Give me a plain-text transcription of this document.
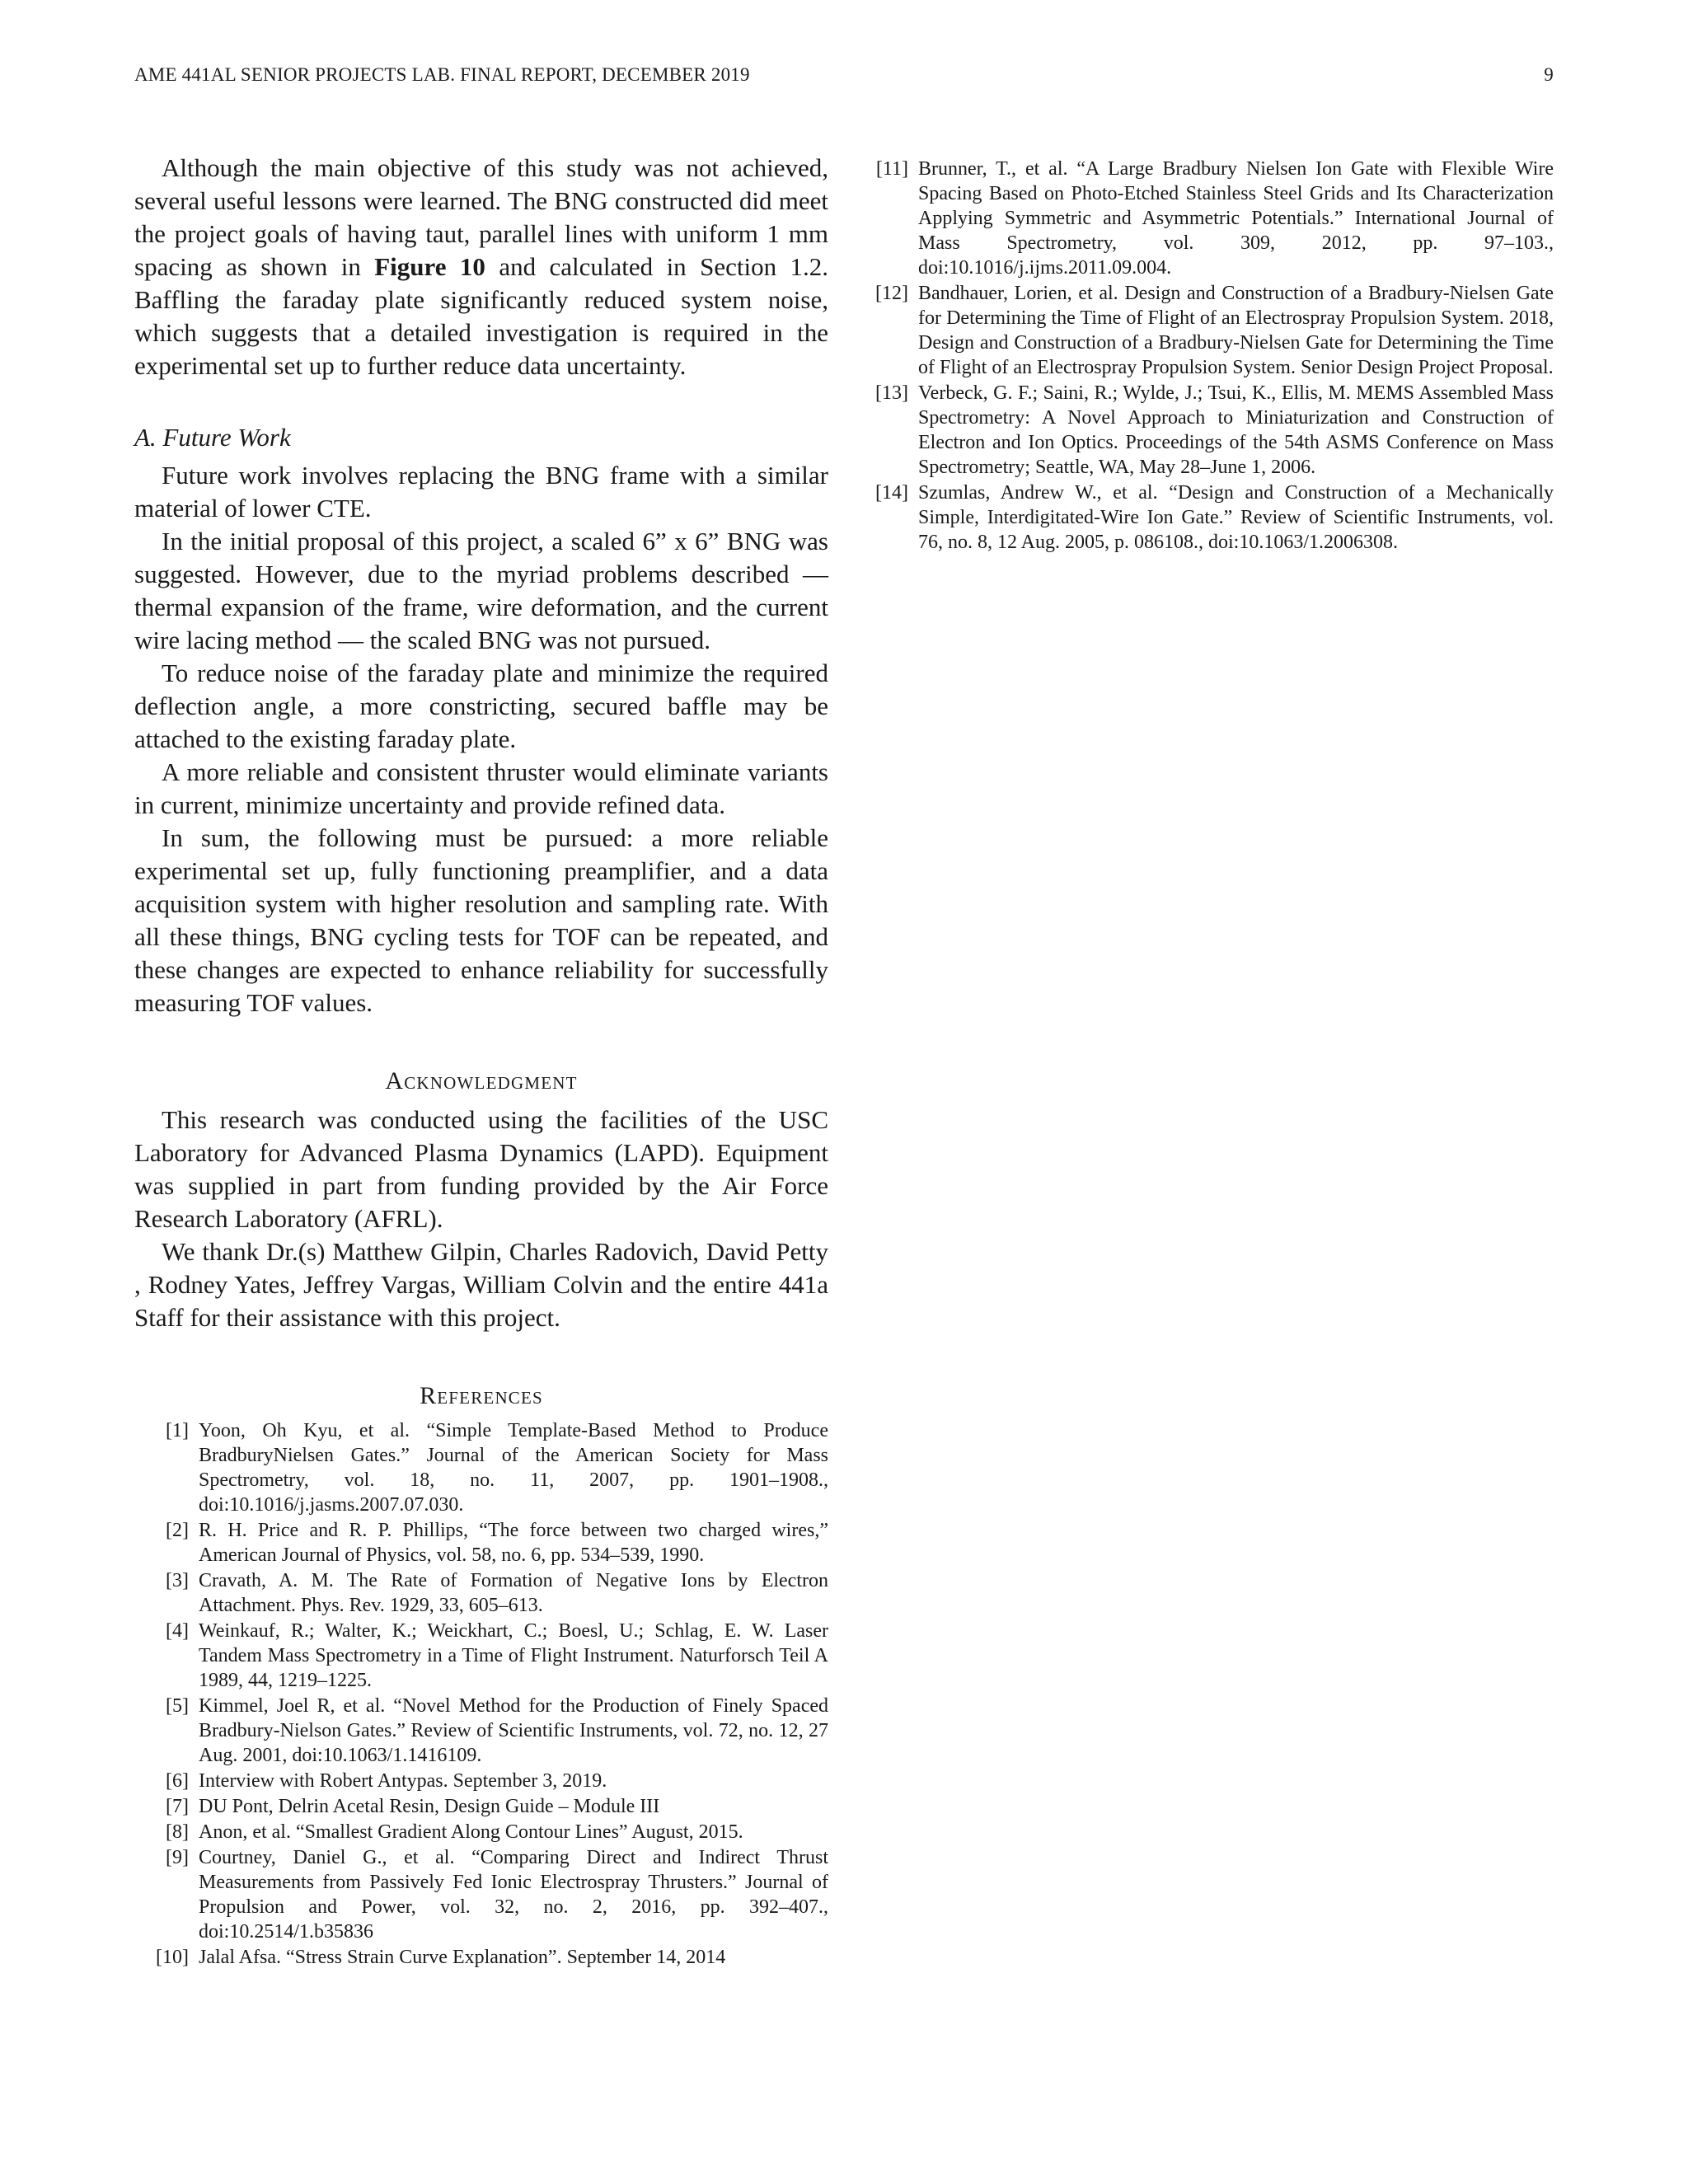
AME 441AL SENIOR PROJECTS LAB. FINAL REPORT, DECEMBER 2019	9

Although the main objective of this study was not achieved, several useful lessons were learned. The BNG constructed did meet the project goals of having taut, parallel lines with uniform 1 mm spacing as shown in Figure 10 and calculated in Section 1.2. Baffling the faraday plate significantly reduced system noise, which suggests that a detailed investigation is required in the experimental set up to further reduce data uncertainty.

A. Future Work

Future work involves replacing the BNG frame with a similar material of lower CTE.

In the initial proposal of this project, a scaled 6” x 6” BNG was suggested. However, due to the myriad problems described — thermal expansion of the frame, wire deformation, and the current wire lacing method — the scaled BNG was not pursued.

To reduce noise of the faraday plate and minimize the required deflection angle, a more constricting, secured baffle may be attached to the existing faraday plate.

A more reliable and consistent thruster would eliminate variants in current, minimize uncertainty and provide refined data.

In sum, the following must be pursued: a more reliable experimental set up, fully functioning preamplifier, and a data acquisition system with higher resolution and sampling rate. With all these things, BNG cycling tests for TOF can be repeated, and these changes are expected to enhance reliability for successfully measuring TOF values.

Acknowledgment

This research was conducted using the facilities of the USC Laboratory for Advanced Plasma Dynamics (LAPD). Equipment was supplied in part from funding provided by the Air Force Research Laboratory (AFRL).

We thank Dr.(s) Matthew Gilpin, Charles Radovich, David Petty , Rodney Yates, Jeffrey Vargas, William Colvin and the entire 441a Staff for their assistance with this project.

References
[1] Yoon, Oh Kyu, et al. “Simple Template-Based Method to Produce BradburyNielsen Gates.” Journal of the American Society for Mass Spectrometry, vol. 18, no. 11, 2007, pp. 1901–1908., doi:10.1016/j.jasms.2007.07.030.
[2] R. H. Price and R. P. Phillips, “The force between two charged wires,” American Journal of Physics, vol. 58, no. 6, pp. 534–539, 1990.
[3] Cravath, A. M. The Rate of Formation of Negative Ions by Electron Attachment. Phys. Rev. 1929, 33, 605–613.
[4] Weinkauf, R.; Walter, K.; Weickhart, C.; Boesl, U.; Schlag, E. W. Laser Tandem Mass Spectrometry in a Time of Flight Instrument. Naturforsch Teil A 1989, 44, 1219–1225.
[5] Kimmel, Joel R, et al. “Novel Method for the Production of Finely Spaced Bradbury-Nielson Gates.” Review of Scientific Instruments, vol. 72, no. 12, 27 Aug. 2001, doi:10.1063/1.1416109.
[6] Interview with Robert Antypas. September 3, 2019.
[7] DU Pont, Delrin Acetal Resin, Design Guide – Module III
[8] Anon, et al. “Smallest Gradient Along Contour Lines” August, 2015.
[9] Courtney, Daniel G., et al. “Comparing Direct and Indirect Thrust Measurements from Passively Fed Ionic Electrospray Thrusters.” Journal of Propulsion and Power, vol. 32, no. 2, 2016, pp. 392–407., doi:10.2514/1.b35836
[10] Jalal Afsa. “Stress Strain Curve Explanation”. September 14, 2014
[11] Brunner, T., et al. “A Large Bradbury Nielsen Ion Gate with Flexible Wire Spacing Based on Photo-Etched Stainless Steel Grids and Its Characterization Applying Symmetric and Asymmetric Potentials.” International Journal of Mass Spectrometry, vol. 309, 2012, pp. 97–103., doi:10.1016/j.ijms.2011.09.004.
[12] Bandhauer, Lorien, et al. Design and Construction of a Bradbury-Nielsen Gate for Determining the Time of Flight of an Electrospray Propulsion System. 2018, Design and Construction of a Bradbury-Nielsen Gate for Determining the Time of Flight of an Electrospray Propulsion System. Senior Design Project Proposal.
[13] Verbeck, G. F.; Saini, R.; Wylde, J.; Tsui, K., Ellis, M. MEMS Assembled Mass Spectrometry: A Novel Approach to Miniaturization and Construction of Electron and Ion Optics. Proceedings of the 54th ASMS Conference on Mass Spectrometry; Seattle, WA, May 28–June 1, 2006.
[14] Szumlas, Andrew W., et al. “Design and Construction of a Mechanically Simple, Interdigitated-Wire Ion Gate.” Review of Scientific Instruments, vol. 76, no. 8, 12 Aug. 2005, p. 086108., doi:10.1063/1.2006308.
